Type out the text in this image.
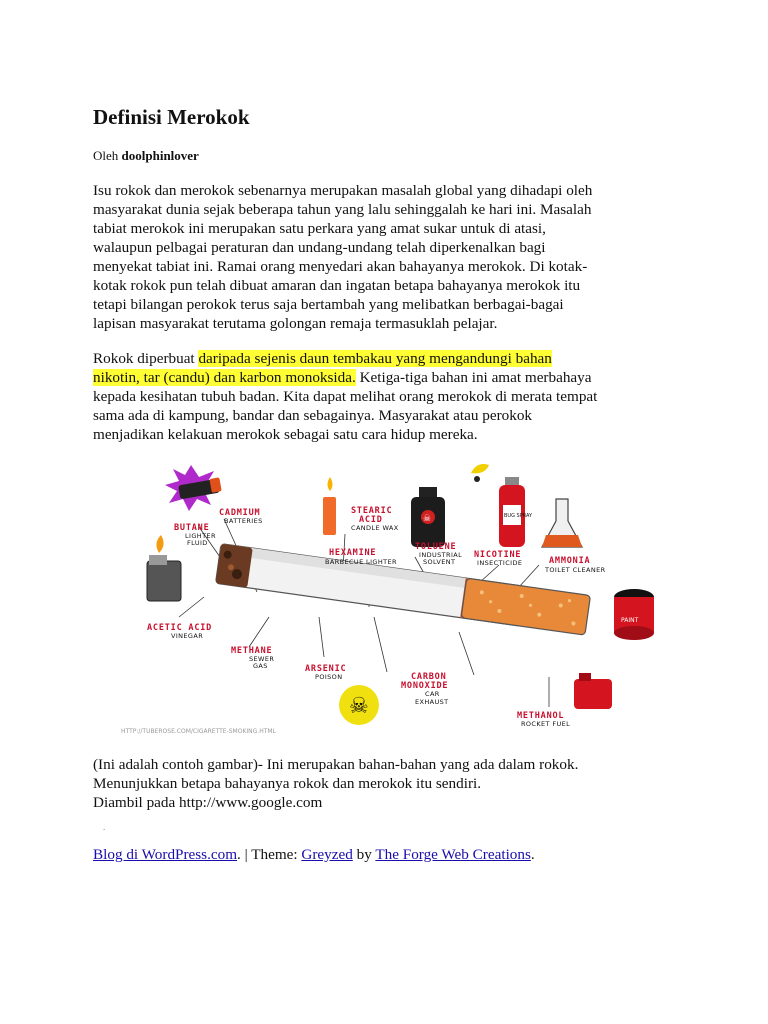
Definisi Merokok
Oleh doolphinlover

Isu rokok dan merokok sebenarnya merupakan masalah global yang dihadapi oleh
masyarakat dunia sejak beberapa tahun yang lalu sehinggalah ke hari ini. Masalah
tabiat merokok ini merupakan satu perkara yang amat sukar untuk di atasi,
walaupun pelbagai peraturan dan undang-undang telah diperkenalkan bagi
menyekat tabiat ini. Ramai orang menyedari akan bahayanya merokok. Di kotak-
kotak rokok pun telah dibuat amaran dan ingatan betapa bahayanya merokok itu
tetapi bilangan perokok terus saja bertambah yang melibatkan berbagai-bagai
lapisan masyarakat terutama golongan remaja termasuklah pelajar.

Rokok diperbuat daripada sejenis daun tembakau yang mengandungi bahan
nikotin, tar (candu) dan karbon monoksida. Ketiga-tiga bahan ini amat merbahaya
kepada kesihatan tubuh badan. Kita dapat melihat orang merokok di merata tempat
sama ada di kampung, bandar dan sebagainya. Masyarakat atau perokok
menjadikan kelakuan merokok sebagai satu cara hidup mereka.

☠	BUG SPRAY
PAINT
☠
CADMIUM
BATTERIES
STEARIC
ACID
CANDLE WAX
BUTANE
LIGHTER
FLUID
HEXAMINE
BARBECUE LIGHTER
TOLUENE
INDUSTRIAL
SOLVENT
NICOTINE
INSECTICIDE	AMMONIA
TOILET CLEANER
ACETIC ACID
VINEGAR
METHANE
SEWER
GAS	ARSENIC
POISON	CARBON
MONOXIDE
CAR
EXHAUST
METHANOL
ROCKET FUEL
HTTP://TUBEROSE.COM/CIGARETTE-SMOKING.HTML
(Ini adalah contoh gambar)- Ini merupakan bahan-bahan yang ada dalam rokok.
Menunjukkan betapa bahayanya rokok dan merokok itu sendiri.
Diambil pada http://www.google.com
.
Blog di WordPress.com. | Theme: Greyzed by The Forge Web Creations.
